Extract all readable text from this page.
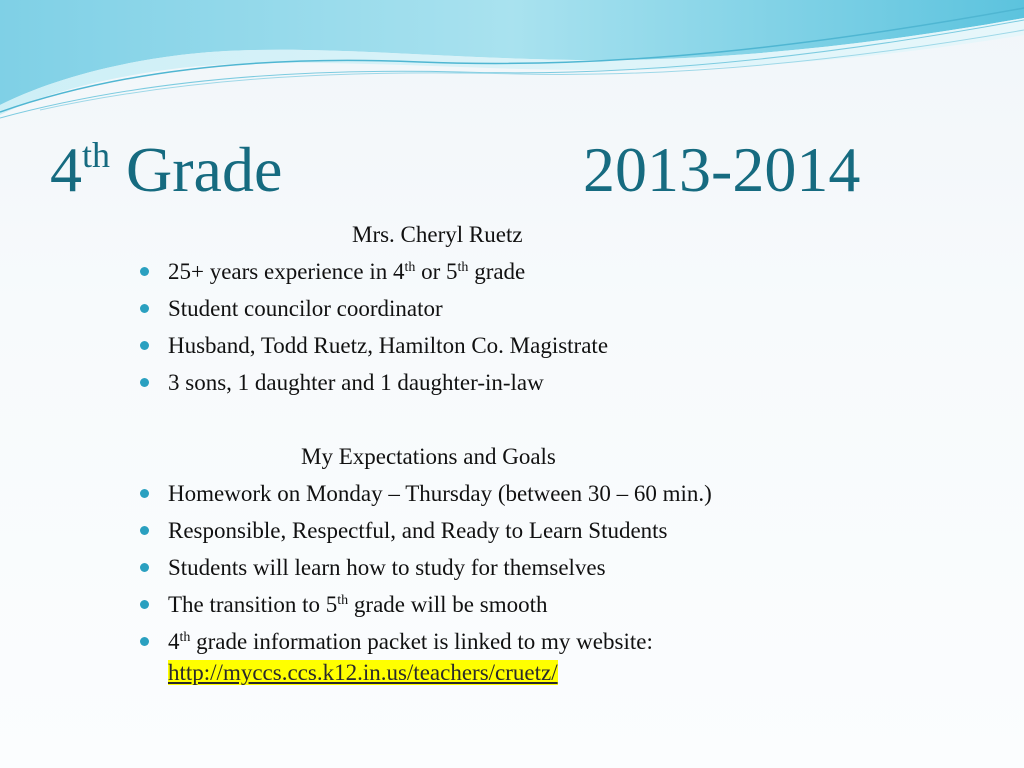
4th Grade	2013-2014
Mrs. Cheryl Ruetz
25+ years experience in 4th or 5th grade
Student councilor coordinator
Husband, Todd Ruetz, Hamilton Co. Magistrate
3 sons, 1 daughter and 1 daughter-in-law
My Expectations and Goals
Homework on Monday – Thursday (between 30 – 60 min.)
Responsible, Respectful, and Ready to Learn Students
Students will learn how to study for themselves
The transition to 5th grade will be smooth
4th grade information packet is linked to my website:
http://myccs.ccs.k12.in.us/teachers/cruetz/
